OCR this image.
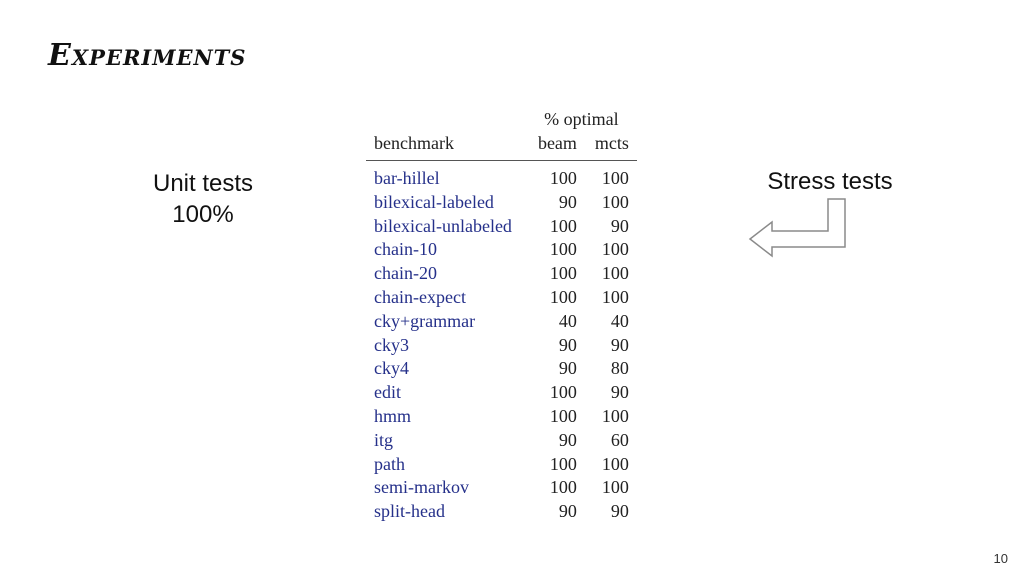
Experiments
Unit tests
100%
	% optimal	
benchmark	beam	mcts
bar-hillel	100	100
bilexical-labeled	90	100
bilexical-unlabeled	100	90
chain-10	100	100
chain-20	100	100
chain-expect	100	100
cky+grammar	40	40
cky3	90	90
cky4	90	80
edit	100	90
hmm	100	100
itg	90	60
path	100	100
semi-markov	100	100
split-head	90	90
Stress tests
10
